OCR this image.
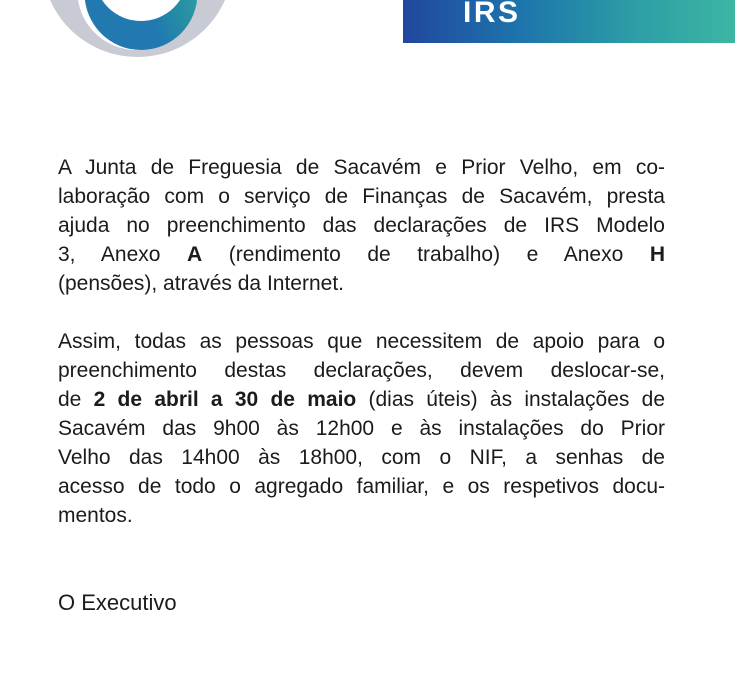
IRS
A Junta de Freguesia de Sacavém e Prior Velho, em co-
laboração com o serviço de Finanças de Sacavém, presta
ajuda no preenchimento das declarações de IRS Modelo
3, Anexo A (rendimento de trabalho) e Anexo H
(pensões), através da Internet.
Assim, todas as pessoas que necessitem de apoio para o
preenchimento destas declarações, devem deslocar-se,
de 2 de abril a 30 de maio (dias úteis) às instalações de
Sacavém das 9h00 às 12h00 e às instalações do Prior
Velho das 14h00 às 18h00, com o NIF, a senhas de
acesso de todo o agregado familiar, e os respetivos docu-
mentos.
O Executivo
